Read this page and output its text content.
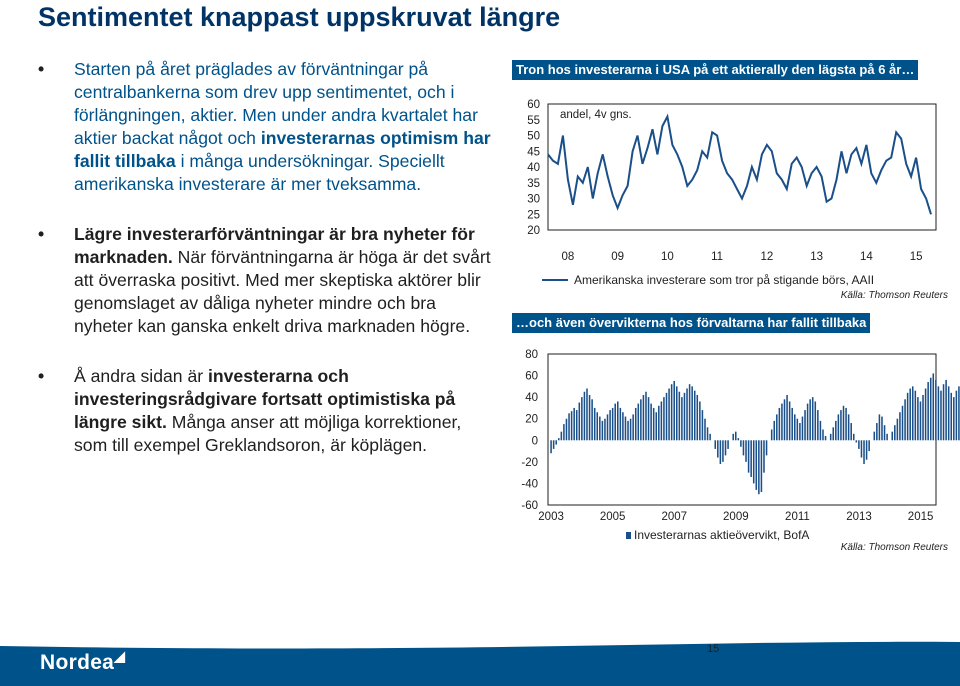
Sentimentet knappast uppskruvat längre
• Starten på året präglades av förväntningar på centralbankerna som drev upp sentimentet, och i förlängningen, aktier. Men under andra kvartalet har aktier backat något och investerarnas optimism har fallit tillbaka i många undersökningar. Speciellt amerikanska investerare är mer tveksamma.
• Lägre investerarförväntningar är bra nyheter för marknaden. När förväntningarna är höga är det svårt att överraska positivt. Med mer skeptiska aktörer blir genomslaget av dåliga nyheter mindre och bra nyheter kan ganska enkelt driva marknaden högre.
• Å andra sidan är investerarna och investeringsrådgivare fortsatt optimistiska på längre sikt. Många anser att möjliga korrektioner, som till exempel Greklandsoron, är köplägen.
Tron hos investerarna i USA på ett aktierally den lägsta på 6 år…
60
55
50
45
40
35
30
25
20
08	09	10	11	12	13	14	15
andel, 4v gns.
Amerikanska investerare som tror på stigande börs, AAII
Källa: Thomson Reuters
…och även övervikterna hos förvaltarna har fallit tillbaka
80
60
40
20
0
-20
-40
-60
2003	2005	2007	2009	2011	2013	2015
Investerarnas aktieövervikt, BofA
Källa: Thomson Reuters
Nordea◢	15
